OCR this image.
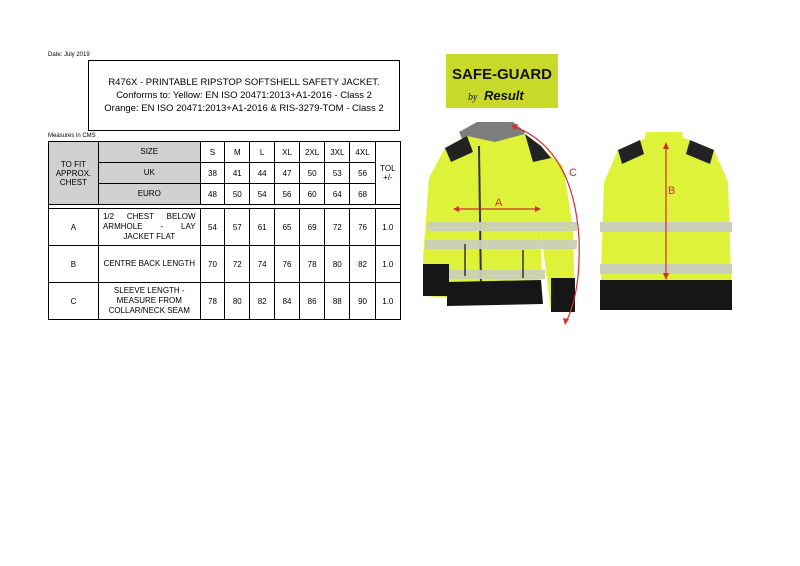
Date: July 2019
R476X - PRINTABLE RIPSTOP SOFTSHELL SAFETY JACKET.
Conforms to: Yellow: EN ISO 20471:2013+A1-2016 - Class 2
Orange: EN ISO 20471:2013+A1-2016 & RIS-3279-TOM - Class 2
Measures in CMS
TO FIT APPROX. CHEST	SIZE	S	M	L	XL	2XL	3XL	4XL	TOL +/-
	UK	38	41	44	47	50	53	56	
	EURO	48	50	54	56	60	64	68	

A	1/2 CHEST BELOW ARMHOLE - LAY JACKET FLAT	54	57	61	65	69	72	76	1.0
B	CENTRE BACK LENGTH	70	72	74	76	78	80	82	1.0
C	SLEEVE LENGTH - MEASURE FROM COLLAR/NECK SEAM	78	80	82	84	86	88	90	1.0
SAFE-GUARD
by Result
A
C
B
